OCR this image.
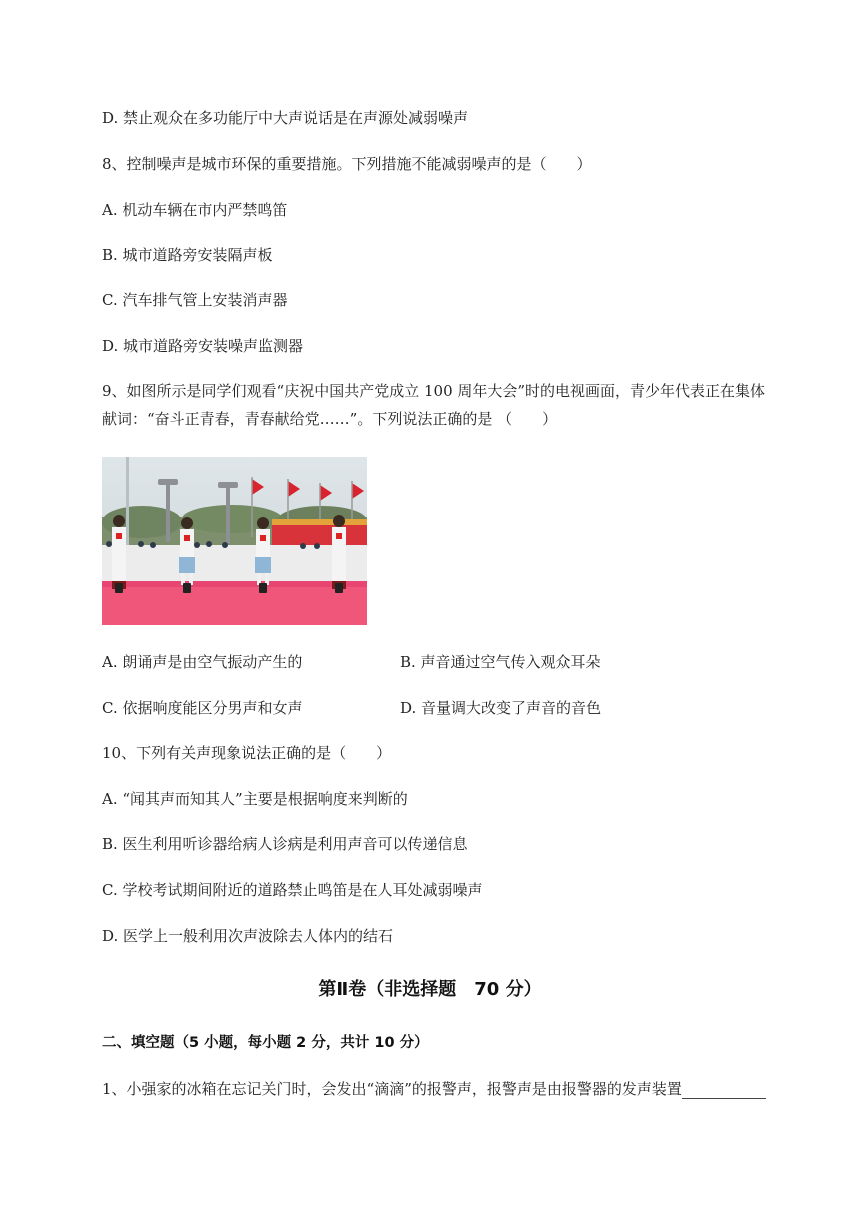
D. 禁止观众在多功能厅中大声说话是在声源处减弱噪声
8、控制噪声是城市环保的重要措施。下列措施不能减弱噪声的是（　　）
A. 机动车辆在市内严禁鸣笛
B. 城市道路旁安装隔声板
C. 汽车排气管上安装消声器
D. 城市道路旁安装噪声监测器
9、如图所示是同学们观看“庆祝中国共产党成立 100 周年大会”时的电视画面，青少年代表正在集体
献词：“奋斗正青春，青春献给党……”。下列说法正确的是 （　　）
A. 朗诵声是由空气振动产生的	B. 声音通过空气传入观众耳朵
C. 依据响度能区分男声和女声	D. 音量调大改变了声音的音色
10、下列有关声现象说法正确的是（　　）
A. “闻其声而知其人”主要是根据响度来判断的
B. 医生利用听诊器给病人诊病是利用声音可以传递信息
C. 学校考试期间附近的道路禁止鸣笛是在人耳处减弱噪声
D. 医学上一般利用次声波除去人体内的结石
第Ⅱ卷（非选择题　70 分）
二、填空题（5 小题，每小题 2 分，共计 10 分）
1、小强家的冰箱在忘记关门时，会发出“滴滴”的报警声，报警声是由报警器的发声装置
